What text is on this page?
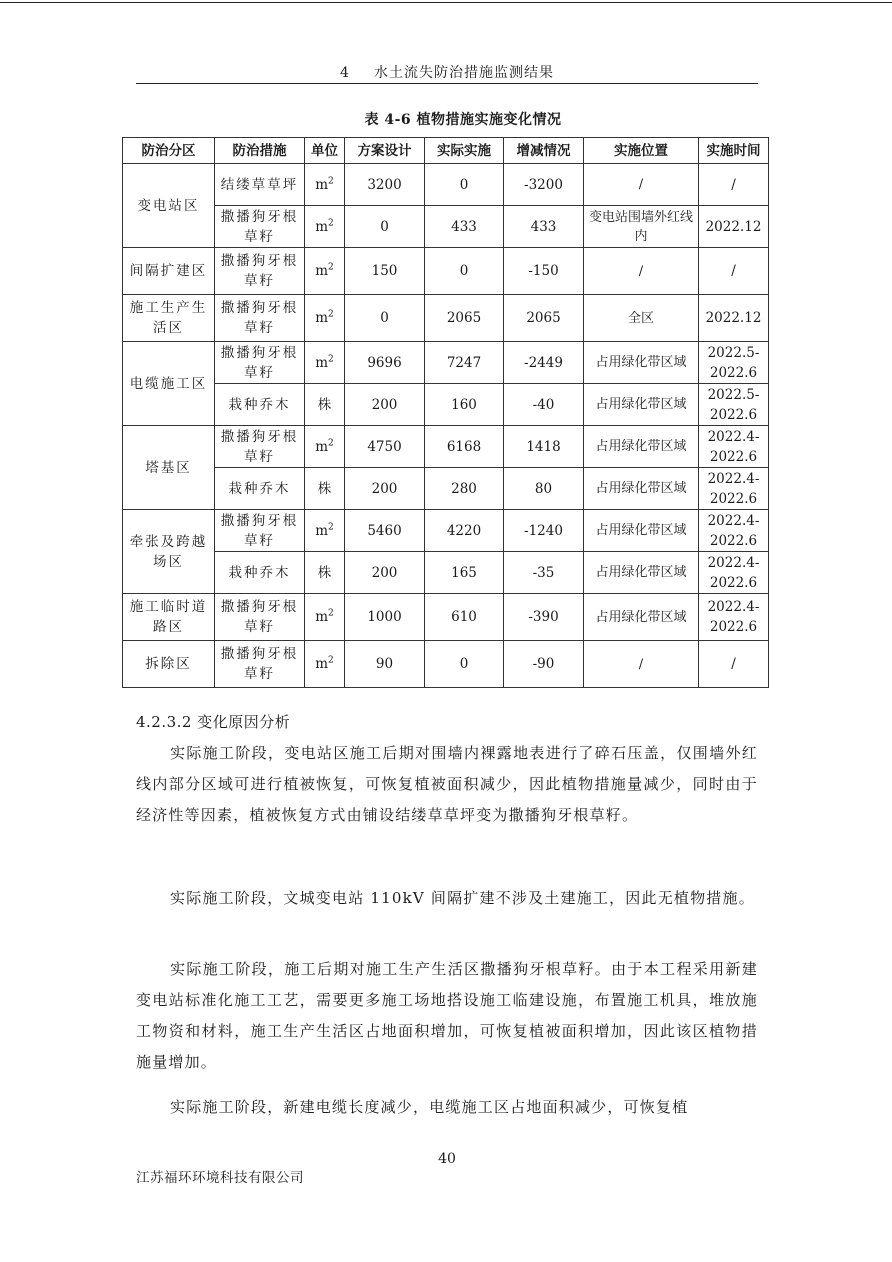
4 水土流失防治措施监测结果
表 4-6 植物措施实施变化情况
防治分区	防治措施	单位	方案设计	实际实施	增减情况	实施位置	实施时间
变电站区	结缕草草坪	$m^2$	3200	0	-3200	/	/
	撒播狗牙根草籽	$m^2$	0	433	433	变电站围墙外红线内	2022.12
间隔扩建区	撒播狗牙根草籽	$m^2$	150	0	-150	/	/
施工生产生活区	撒播狗牙根草籽	$m^2$	0	2065	2065	全区	2022.12
电缆施工区	撒播狗牙根草籽	$m^2$	9696	7247	-2449	占用绿化带区域	2022.5-2022.6
	栽种乔木	株	200	160	-40	占用绿化带区域	2022.5-2022.6
塔基区	撒播狗牙根草籽	$m^2$	4750	6168	1418	占用绿化带区域	2022.4-2022.6
	栽种乔木	株	200	280	80	占用绿化带区域	2022.4-2022.6
牵张及跨越场区	撒播狗牙根草籽	$m^2$	5460	4220	-1240	占用绿化带区域	2022.4-2022.6
	栽种乔木	株	200	165	-35	占用绿化带区域	2022.4-2022.6
施工临时道路区	撒播狗牙根草籽	$m^2$	1000	610	-390	占用绿化带区域	2022.4-2022.6
拆除区	撒播狗牙根草籽	$m^2$	90	0	-90	/	/
4.2.3.2 变化原因分析

实际施工阶段，变电站区施工后期对围墙内裸露地表进行了碎石压盖，仅围墙外红线内部分区域可进行植被恢复，可恢复植被面积减少，因此植物措施量减少，同时由于经济性等因素，植被恢复方式由铺设结缕草草坪变为撒播狗牙根草籽。

实际施工阶段，文城变电站 110kV 间隔扩建不涉及土建施工，因此无植物措施。

实际施工阶段，施工后期对施工生产生活区撒播狗牙根草籽。由于本工程采用新建变电站标准化施工工艺，需要更多施工场地搭设施工临建设施，布置施工机具，堆放施工物资和材料，施工生产生活区占地面积增加，可恢复植被面积增加，因此该区植物措施量增加。

实际施工阶段，新建电缆长度减少，电缆施工区占地面积减少，可恢复植

40
江苏福环环境科技有限公司
